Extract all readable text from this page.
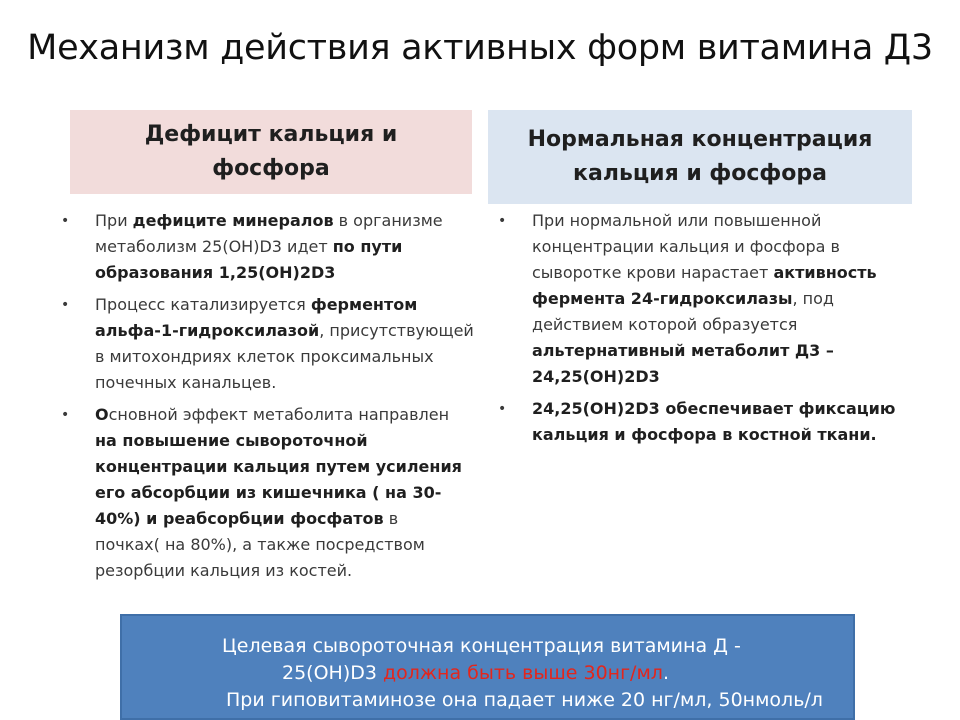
Механизм действия активных форм витамина Д3
Дефицит кальция и
фосфора
Нормальная концентрация
кальция и фосфора
• При дефиците минералов в организме
метаболизм 25(ОН)D3 идет по пути
образования 1,25(ОН)2D3
• Процесс катализируется ферментом
альфа-1-гидроксилазой, присутствующей
в митохондриях клеток проксимальных
почечных канальцев.
• Основной эффект метаболита направлен
на повышение сывороточной
концентрации кальция путем усиления
его абсорбции из кишечника ( на 30-
40%) и реабсорбции фосфатов в
почках( на 80%), а также посредством
резорбции кальция из костей.
• При нормальной или повышенной
концентрации кальция и фосфора в
сыворотке крови нарастает активность
фермента 24-гидроксилазы, под
действием которой образуется
альтернативный метаболит Д3 –
24,25(ОН)2D3
• 24,25(ОН)2D3 обеспечивает фиксацию
кальция и фосфора в костной ткани.
Целевая сывороточная концентрация витамина Д -
25(ОН)D3 должна быть выше 30нг/мл.
При гиповитаминозе она падает ниже 20 нг/мл, 50нмоль/л
